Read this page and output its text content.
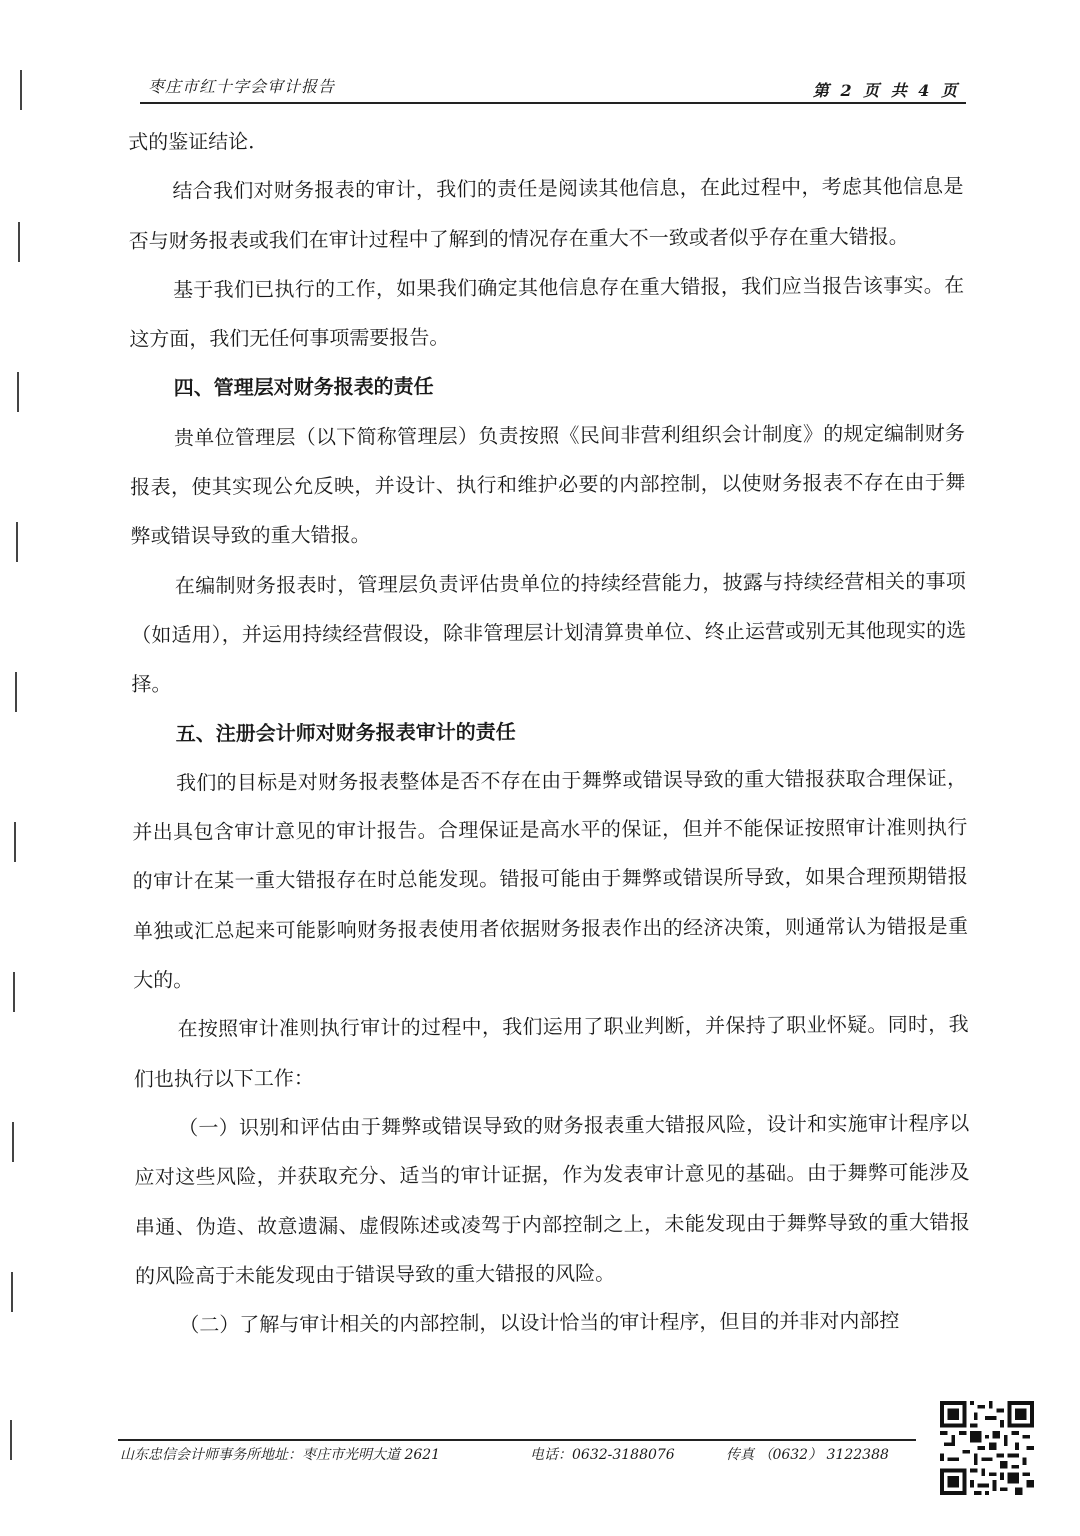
枣庄市红十字会审计报告	第 2 页 共 4 页

式的鉴证结论.

结合我们对财务报表的审计，我们的责任是阅读其他信息，在此过程中，考虑其他信息是否与财务报表或我们在审计过程中了解到的情况存在重大不一致或者似乎存在重大错报。

基于我们已执行的工作，如果我们确定其他信息存在重大错报，我们应当报告该事实。在这方面，我们无任何事项需要报告。

四、管理层对财务报表的责任

贵单位管理层（以下简称管理层）负责按照《民间非营利组织会计制度》的规定编制财务报表，使其实现公允反映，并设计、执行和维护必要的内部控制，以使财务报表不存在由于舞弊或错误导致的重大错报。

在编制财务报表时，管理层负责评估贵单位的持续经营能力，披露与持续经营相关的事项（如适用），并运用持续经营假设，除非管理层计划清算贵单位、终止运营或别无其他现实的选择。

五、注册会计师对财务报表审计的责任

我们的目标是对财务报表整体是否不存在由于舞弊或错误导致的重大错报获取合理保证，并出具包含审计意见的审计报告。合理保证是高水平的保证，但并不能保证按照审计准则执行的审计在某一重大错报存在时总能发现。错报可能由于舞弊或错误所导致，如果合理预期错报单独或汇总起来可能影响财务报表使用者依据财务报表作出的经济决策，则通常认为错报是重大的。

在按照审计准则执行审计的过程中，我们运用了职业判断，并保持了职业怀疑。同时，我们也执行以下工作：

（一）识别和评估由于舞弊或错误导致的财务报表重大错报风险，设计和实施审计程序以应对这些风险，并获取充分、适当的审计证据，作为发表审计意见的基础。由于舞弊可能涉及串通、伪造、故意遗漏、虚假陈述或凌驾于内部控制之上，未能发现由于舞弊导致的重大错报的风险高于未能发现由于错误导致的重大错报的风险。

（二）了解与审计相关的内部控制，以设计恰当的审计程序，但目的并非对内部控

山东忠信会计师事务所地址：枣庄市光明大道 2621	电话：0632-3188076	传真 （0632） 3122388
